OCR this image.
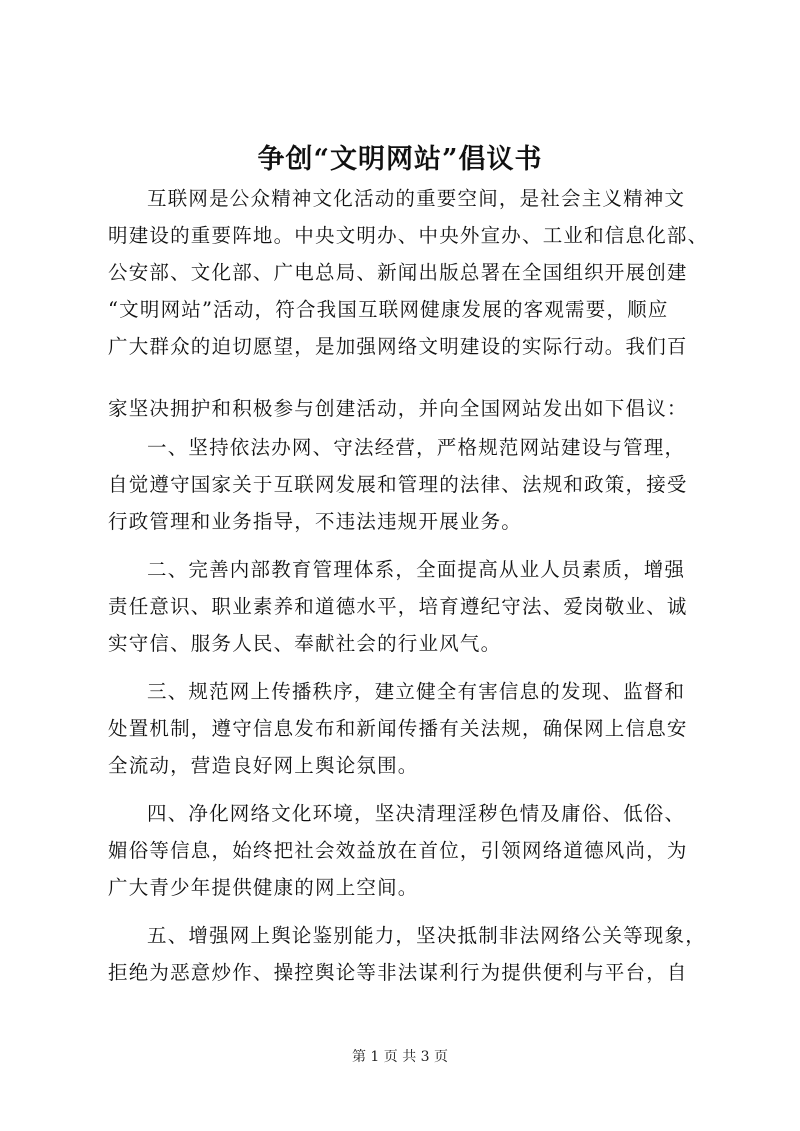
争创“文明网站”倡议书

互联网是公众精神文化活动的重要空间，是社会主义精神文

明建设的重要阵地。中央文明办、中央外宣办、工业和信息化部、

公安部、文化部、广电总局、新闻出版总署在全国组织开展创建

“文明网站”活动，符合我国互联网健康发展的客观需要，顺应

广大群众的迫切愿望，是加强网络文明建设的实际行动。我们百

家坚决拥护和积极参与创建活动，并向全国网站发出如下倡议：

一、坚持依法办网、守法经营，严格规范网站建设与管理，

自觉遵守国家关于互联网发展和管理的法律、法规和政策，接受

行政管理和业务指导，不违法违规开展业务。

二、完善内部教育管理体系，全面提高从业人员素质，增强

责任意识、职业素养和道德水平，培育遵纪守法、爱岗敬业、诚

实守信、服务人民、奉献社会的行业风气。

三、规范网上传播秩序，建立健全有害信息的发现、监督和

处置机制，遵守信息发布和新闻传播有关法规，确保网上信息安

全流动，营造良好网上舆论氛围。

四、净化网络文化环境，坚决清理淫秽色情及庸俗、低俗、

媚俗等信息，始终把社会效益放在首位，引领网络道德风尚，为

广大青少年提供健康的网上空间。

五、增强网上舆论鉴别能力，坚决抵制非法网络公关等现象，

拒绝为恶意炒作、操控舆论等非法谋利行为提供便利与平台，自

第 1 页 共 3 页
